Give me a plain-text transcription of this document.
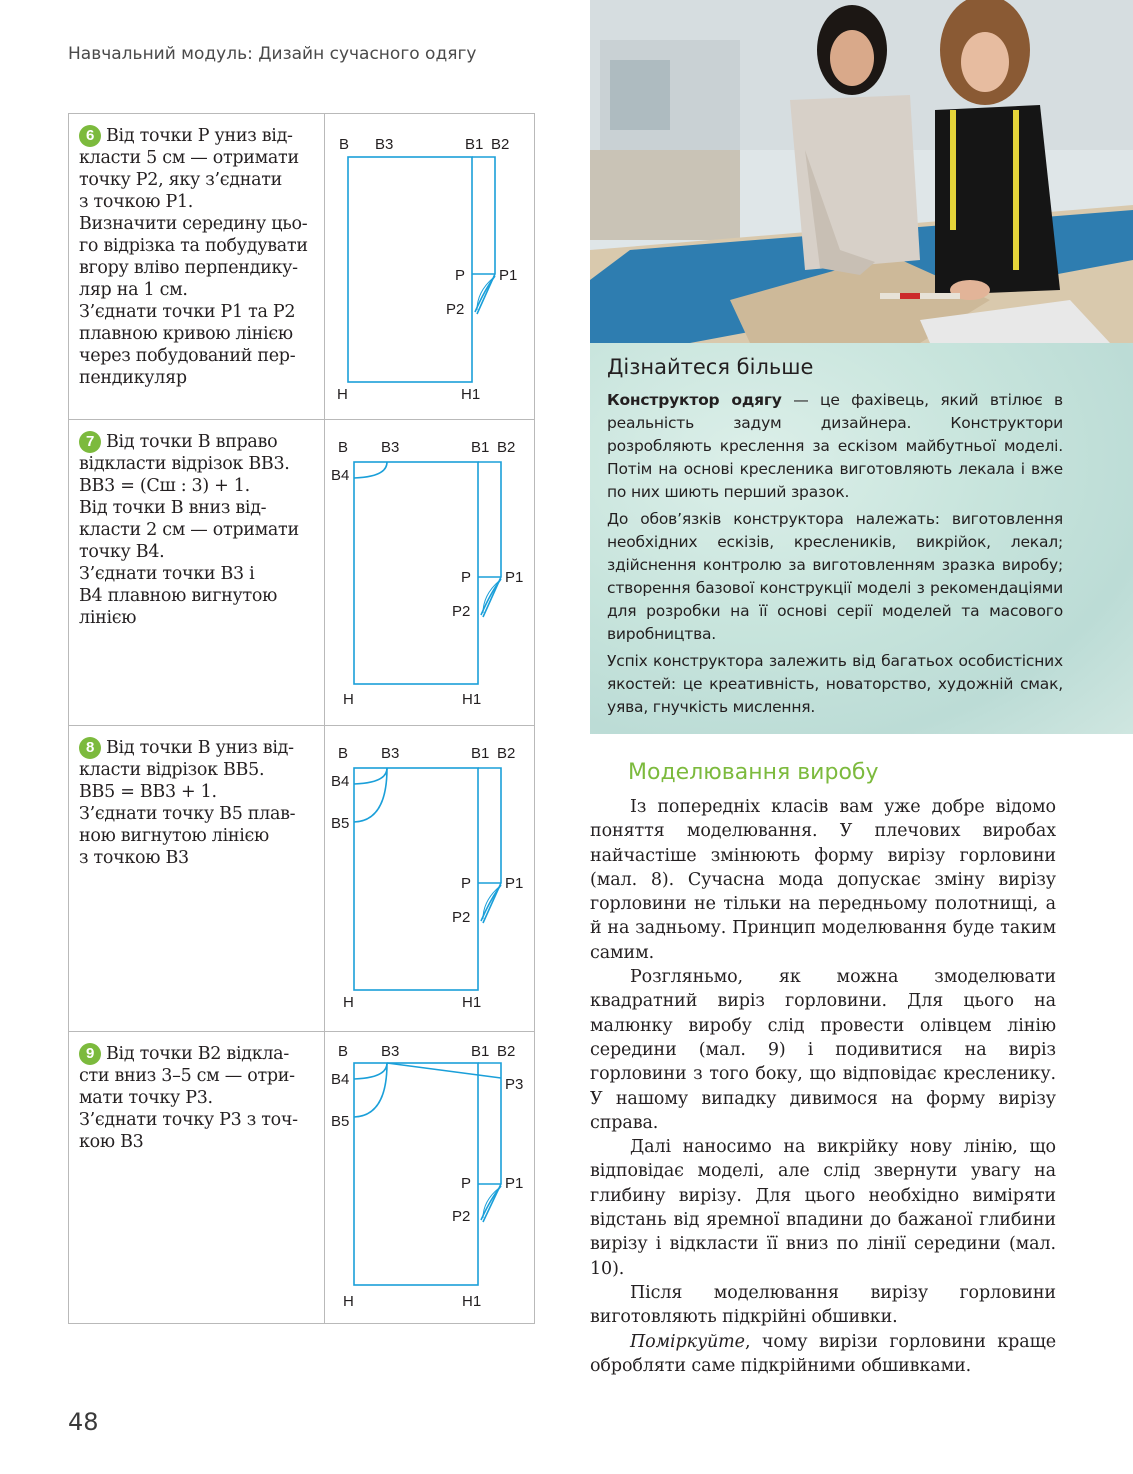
Навчальний модуль: Дизайн сучасного одягу

6 Від точки Р униз від-

класти 5 см — отримати

точку Р2, яку з’єднати

з точкою Р1.

Визначити середину цьо-

го відрізка та побудувати

вгору вліво перпендику-

ляр на 1 см.

З’єднати точки Р1 та Р2

плавною кривою лінією

через побудований пер-

пендикуляр

В В3	В1 В2
Р Р1
Р2
Н	Н1

7 Від точки В вправо

відкласти відрізок ВВ3.

ВВ3 = (Сш : 3) + 1.

Від точки В вниз від-

класти 2 см — отримати

точку В4.

З’єднати точки В3 і

В4 плавною вигнутою

лінією

В В3	В1 В2
В4
Р Р1
Р2
Н	Н1

8 Від точки В униз від-

класти відрізок ВВ5.

ВВ5 = ВВ3 + 1.

З’єднати точку В5 плав-

ною вигнутою лінією

з точкою В3

В В3	В1 В2
В4
В5
Р Р1
Р2
Н	Н1

9 Від точки В2 відкла-

сти вниз 3–5 см — отри-

мати точку Р3.

З’єднати точку Р3 з точ-

кою В3

В В3	В1 В2
В4
В5
Р3
Р Р1
Р2
Н	Н1
Дізнайтеся більше

Конструктор одягу — це фахівець, який втілює в реальність задум дизайнера. Конструктори розробляють креслення за ескізом майбутньої моделі. Потім на основі кресленика виготовляють лекала і вже по них шиють перший зразок.

До обов’язків конструктора належать: виготовлення необхідних ескізів, креслеників, викрійок, лекал; здійснення контролю за виготовленням зразка виробу; створення базової конструкції моделі з рекомендаціями для розробки на її основі серії моделей та масового виробництва.

Успіх конструктора залежить від багатьох особистісних якостей: це креативність, новаторство, художній смак, уява, гнучкість мислення.

Моделювання виробу

Із попередніх класів вам уже добре відомо поняття моделювання. У плечових виробах найчастіше змінюють форму вирізу горловини (мал. 8). Сучасна мода допускає зміну вирізу горловини не тільки на передньому полотнищі, а й на задньому. Принцип моделювання буде таким самим.

Розгляньмо, як можна змоделювати квадратний виріз горловини. Для цього на малюнку виробу слід провести олівцем лінію середини (мал. 9) і подивитися на виріз горловини з того боку, що відповідає кресленику. У нашому випадку дивимося на форму вирізу справа.

Далі наносимо на викрійку нову лінію, що відповідає моделі, але слід звернути увагу на глибину вирізу. Для цього необхідно виміряти відстань від яремної впадини до бажаної глибини вирізу і відкласти її вниз по лінії середини (мал. 10).

Після моделювання вирізу горловини виготовляють підкрійні обшивки.

Поміркуйте, чому вирізи горловини краще обробляти саме підкрійними обшивками.

48
